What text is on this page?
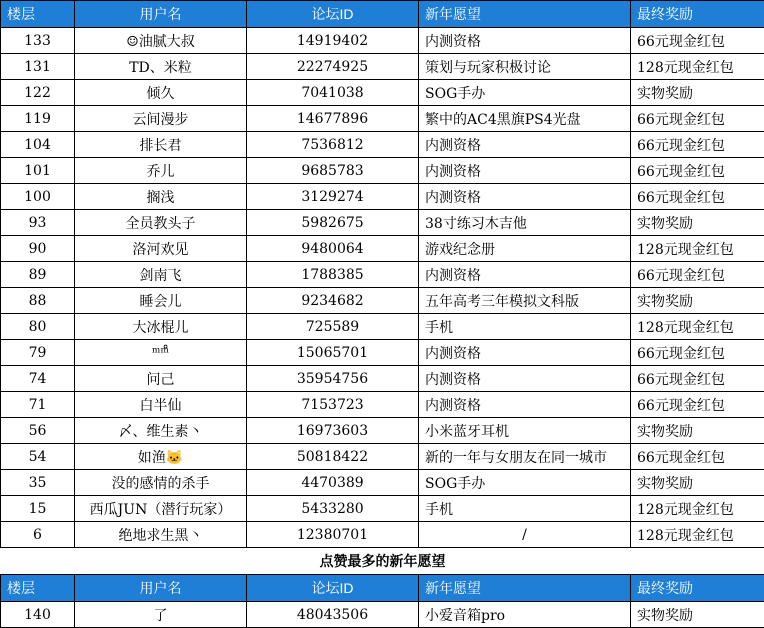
楼层	用户名	论坛ID	新年愿望	最终奖励
133	☺油腻大叔	14919402	内测资格	66元现金红包
131	TD、米粒	22274925	策划与玩家积极讨论	128元现金红包
122	倾久	7041038	SOG手办	实物奖励
119	云间漫步	14677896	繁中的AC4黑旗PS4光盘	66元现金红包
104	排长君	7536812	内测资格	66元现金红包
101	乔儿	9685783	内测资格	66元现金红包
100	搁浅	3129274	内测资格	66元现金红包
93	全员教头子	5982675	38寸练习木吉他	实物奖励
90	洛河欢见	9480064	游戏纪念册	128元现金红包
89	剑南飞	1788385	内测资格	66元现金红包
88	睡会儿	9234682	五年高考三年模拟文科版	实物奖励
80	大冰棍儿	725589	手机	128元现金红包
79	ᵐᵐ̊	15065701	内测资格	66元现金红包
74	问己	35954756	内测资格	66元现金红包
71	白半仙	7153723	内测资格	66元现金红包
56	〆、维生素丶	16973603	小米蓝牙耳机	实物奖励
54	如渔🐱	50818422	新的一年与女朋友在同一城市	66元现金红包
35	没的感情的杀手	4470389	SOG手办	实物奖励
15	西瓜JUN（潜行玩家）	5433280	手机	128元现金红包
6	绝地求生黑丶	12380701	/	128元现金红包
点赞最多的新年愿望				
楼层	用户名	论坛ID	新年愿望	最终奖励
140	了	48043506	小爱音箱pro	实物奖励
